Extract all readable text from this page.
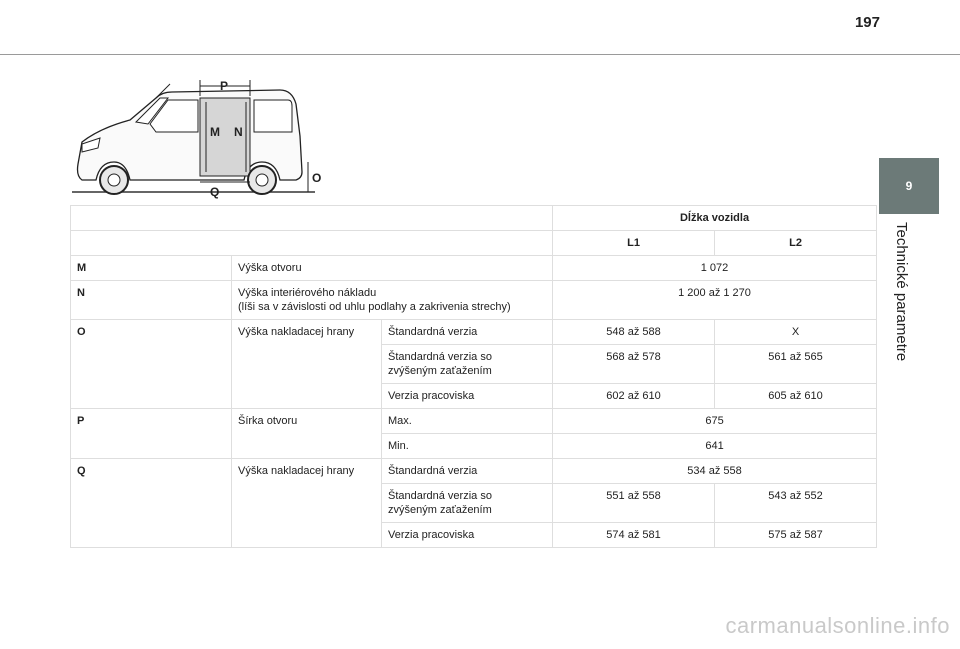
197
9
Technické parametre
P
M N
Q
O
			Dĺžka vozidla	
			L1	L2
M	Výška otvoru		1 072	
N	Výška interiérového nákladu
(líši sa v závislosti od uhlu podlahy a zakrivenia strechy)		1 200 až 1 270	
O	Výška nakladacej hrany	Štandardná verzia	548 až 588	X
		Štandardná verzia so
zvýšeným zaťažením	568 až 578	561 až 565
		Verzia pracoviska	602 až 610	605 až 610
P	Šírka otvoru	Max.	675	
		Min.	641	
Q	Výška nakladacej hrany	Štandardná verzia	534 až 558	
		Štandardná verzia so
zvýšeným zaťažením	551 až 558	543 až 552
		Verzia pracoviska	574 až 581	575 až 587
carmanualsonline.info
